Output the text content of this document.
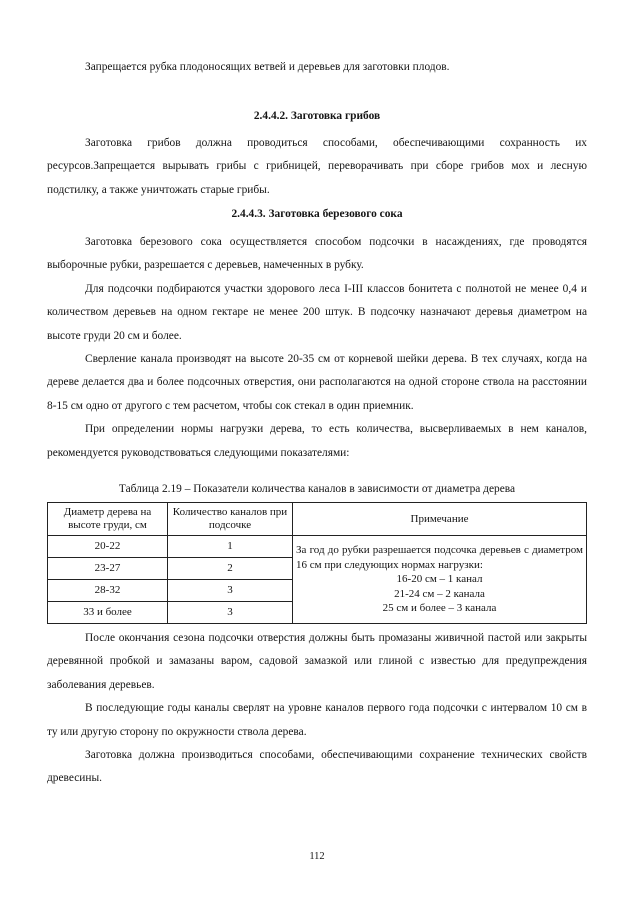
Запрещается рубка плодоносящих ветвей и деревьев для заготовки плодов.

2.4.4.2. Заготовка грибов

Заготовка грибов должна проводиться способами, обеспечивающими сохранность их ресурсов.Запрещается вырывать грибы с грибницей, переворачивать при сборе грибов мох и лесную подстилку, а также уничтожать старые грибы.

2.4.4.3. Заготовка березового сока

Заготовка березового сока осуществляется способом подсочки в насаждениях, где проводятся выборочные рубки, разрешается с деревьев, намеченных в рубку.

Для подсочки подбираются участки здорового леса I-III классов бонитета с полнотой не менее 0,4 и количеством деревьев на одном гектаре не менее 200 штук. В подсочку назначают деревья диаметром на высоте груди 20 см и более.

Сверление канала производят на высоте 20-35 см от корневой шейки дерева. В тех случаях, когда на дереве делается два и более подсочных отверстия, они располагаются на одной стороне ствола на расстоянии 8-15 см одно от другого с тем расчетом, чтобы сок стекал в один приемник.

При определении нормы нагрузки дерева, то есть количества, высверливаемых в нем каналов, рекомендуется руководствоваться следующими показателями:

Таблица 2.19 – Показатели количества каналов в зависимости от диаметра дерева

Диаметр дерева на высоте груди, см	Количество каналов при подсочке	Примечание
20-22	1	За год до рубки разрешается подсочка деревьев с диаметром 16 см при следующих нормах нагрузки:
16-20 см – 1 канал
21-24 см – 2 канала
25 см и более – 3 канала

23-27	2	
28-32	3	
33 и более	3	

После окончания сезона подсочки отверстия должны быть промазаны живичной пастой или закрыты деревянной пробкой и замазаны варом, садовой замазкой или глиной с известью для предупреждения заболевания деревьев.

В последующие годы каналы сверлят на уровне каналов первого года подсочки с интервалом 10 см в ту или другую сторону по окружности ствола дерева.

Заготовка должна производиться способами, обеспечивающими сохранение технических свойств древесины.

112
